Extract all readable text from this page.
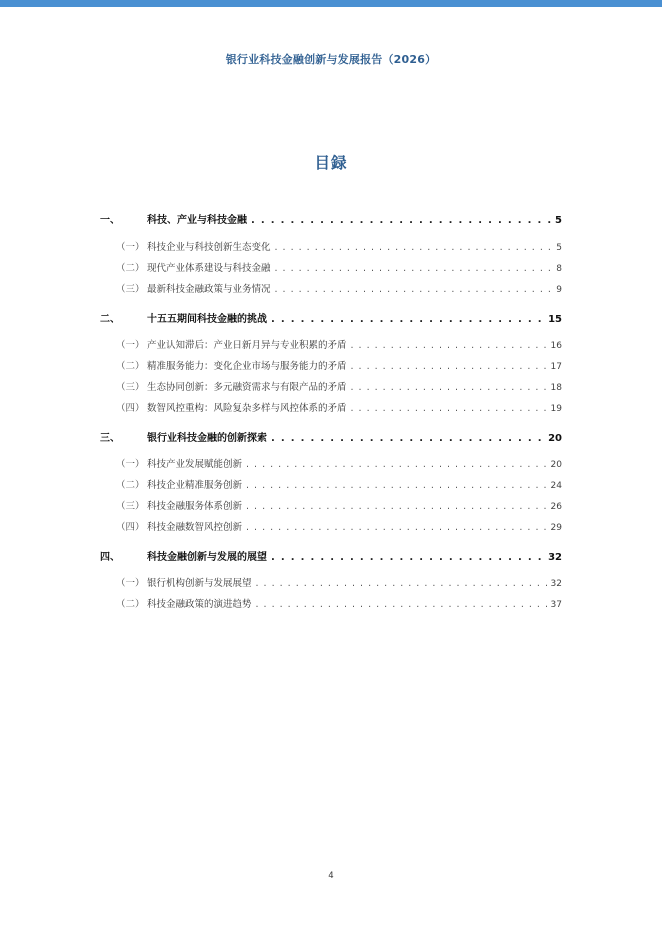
银行业科技金融创新与发展报告（2026）
目録
一、	科技、产业与科技金融 . . .	5
（一） 科技企业与科技创新生态变化 . . .	5
（二） 现代产业体系建设与科技金融 . . .	8
（三） 最新科技金融政策与业务情况 . . .	9
二、	十五五期间科技金融的挑战 . . .	15
（一） 产业认知滞后：产业日新月异与专业积累的矛盾 . . .	16
（二） 精准服务能力：变化企业市场与服务能力的矛盾 . . .	17
（三） 生态协同创新：多元融资需求与有限产品的矛盾 . . .	18
（四） 数智风控重构：风险复杂多样与风控体系的矛盾 . . .	19
三、	银行业科技金融的创新探索 . . .	20
（一） 科技产业发展赋能创新 . . .	20
（二） 科技企业精准服务创新 . . .	24
（三） 科技金融服务体系创新 . . .	26
（四） 科技金融数智风控创新 . . .	29
四、	科技金融创新与发展的展望 . . .	32
（一） 银行机构创新与发展展望 . . .	32
（二） 科技金融政策的演进趋势 . . .	37
4
